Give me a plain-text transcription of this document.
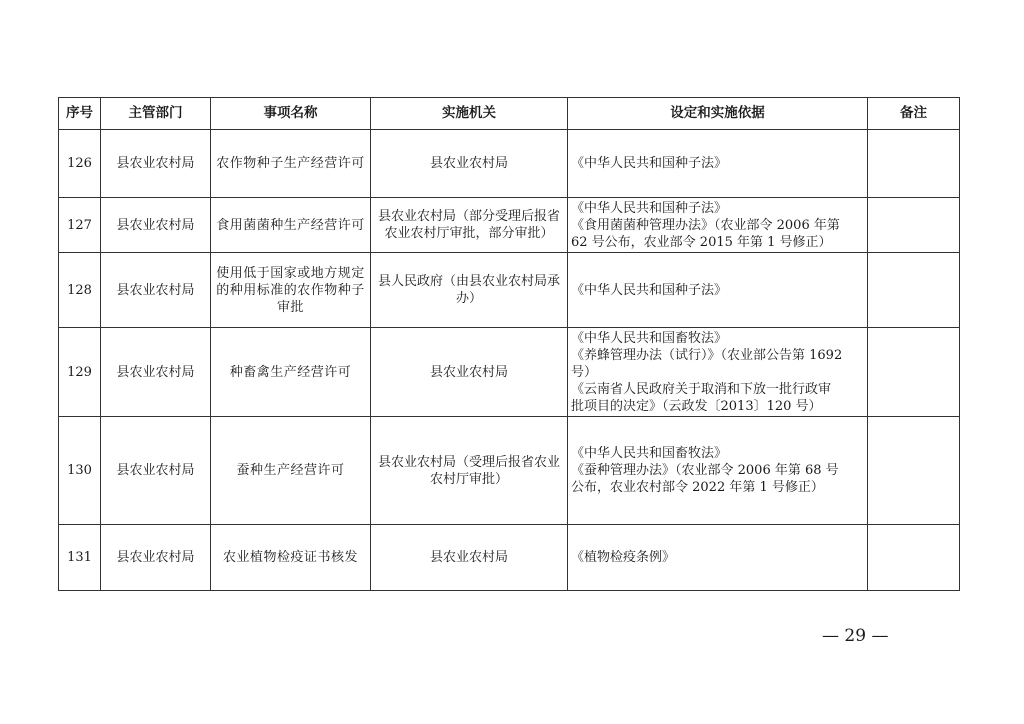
序号	主管部门	事项名称	实施机关	设定和实施依据	备注
126	县农业农村局	农作物种子生产经营许可	县农业农村局	《中华人民共和国种子法》	

127	县农业农村局	食用菌菌种生产经营许可	县农业农村局（部分受理后报省农业农村厅审批，部分审批）	《中华人民共和国种子法》
《食用菌菌种管理办法》（农业部令 2006 年第
62 号公布，农业部令 2015 年第 1 号修正）	

128	县农业农村局	使用低于国家或地方规定的种用标准的农作物种子审批	县人民政府（由县农业农村局承办）	《中华人民共和国种子法》	

129	县农业农村局	种畜禽生产经营许可	县农业农村局	《中华人民共和国畜牧法》
《养蜂管理办法（试行）》（农业部公告第 1692
号）
《云南省人民政府关于取消和下放一批行政审
批项目的决定》（云政发〔2013〕120 号）	

130	县农业农村局	蚕种生产经营许可	县农业农村局（受理后报省农业农村厅审批）	《中华人民共和国畜牧法》
《蚕种管理办法》（农业部令 2006 年第 68 号
公布，农业农村部令 2022 年第 1 号修正）	

131	县农业农村局	农业植物检疫证书核发	县农业农村局	《植物检疫条例》	

— 29 —
